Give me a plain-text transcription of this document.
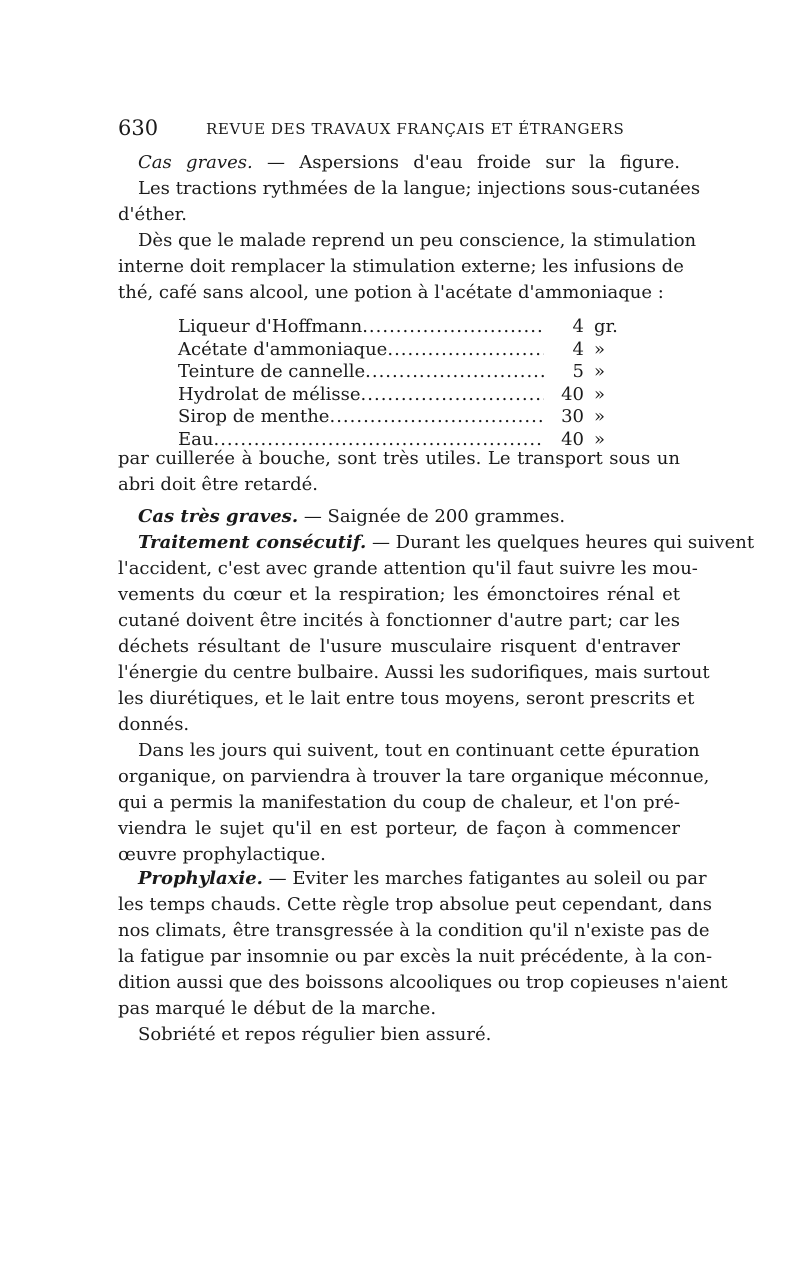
630	REVUE DES TRAVAUX FRANÇAIS ET ÉTRANGERS

Cas graves. — Aspersions d'eau froide sur la figure.

Les tractions rythmées de la langue; injections sous-cutanées

d'éther.

Dès que le malade reprend un peu conscience, la stimulation

interne doit remplacer la stimulation externe; les infusions de

thé, café sans alcool, une potion à l'acétate d'ammoniaque :

Liqueur d'Hoffmann .....	4 gr.
Acétate d'ammoniaque .....	4 »
Teinture de cannelle .....	5 »
Hydrolat de mélisse .....	40 »
Sirop de menthe .....	30 »
Eau .....	40 »

par cuillerée à bouche, sont très utiles. Le transport sous un

abri doit être retardé.

Cas très graves. — Saignée de 200 grammes.

Traitement consécutif. — Durant les quelques heures qui suivent

l'accident, c'est avec grande attention qu'il faut suivre les mou-

vements du cœur et la respiration; les émonctoires rénal et

cutané doivent être incités à fonctionner d'autre part; car les

déchets résultant de l'usure musculaire risquent d'entraver

l'énergie du centre bulbaire. Aussi les sudorifiques, mais surtout

les diurétiques, et le lait entre tous moyens, seront prescrits et

donnés.

Dans les jours qui suivent, tout en continuant cette épuration

organique, on parviendra à trouver la tare organique méconnue,

qui a permis la manifestation du coup de chaleur, et l'on pré-

viendra le sujet qu'il en est porteur, de façon à commencer

œuvre prophylactique.

Prophylaxie. — Eviter les marches fatigantes au soleil ou par

les temps chauds. Cette règle trop absolue peut cependant, dans

nos climats, être transgressée à la condition qu'il n'existe pas de

la fatigue par insomnie ou par excès la nuit précédente, à la con-

dition aussi que des boissons alcooliques ou trop copieuses n'aient

pas marqué le début de la marche.

Sobriété et repos régulier bien assuré.
